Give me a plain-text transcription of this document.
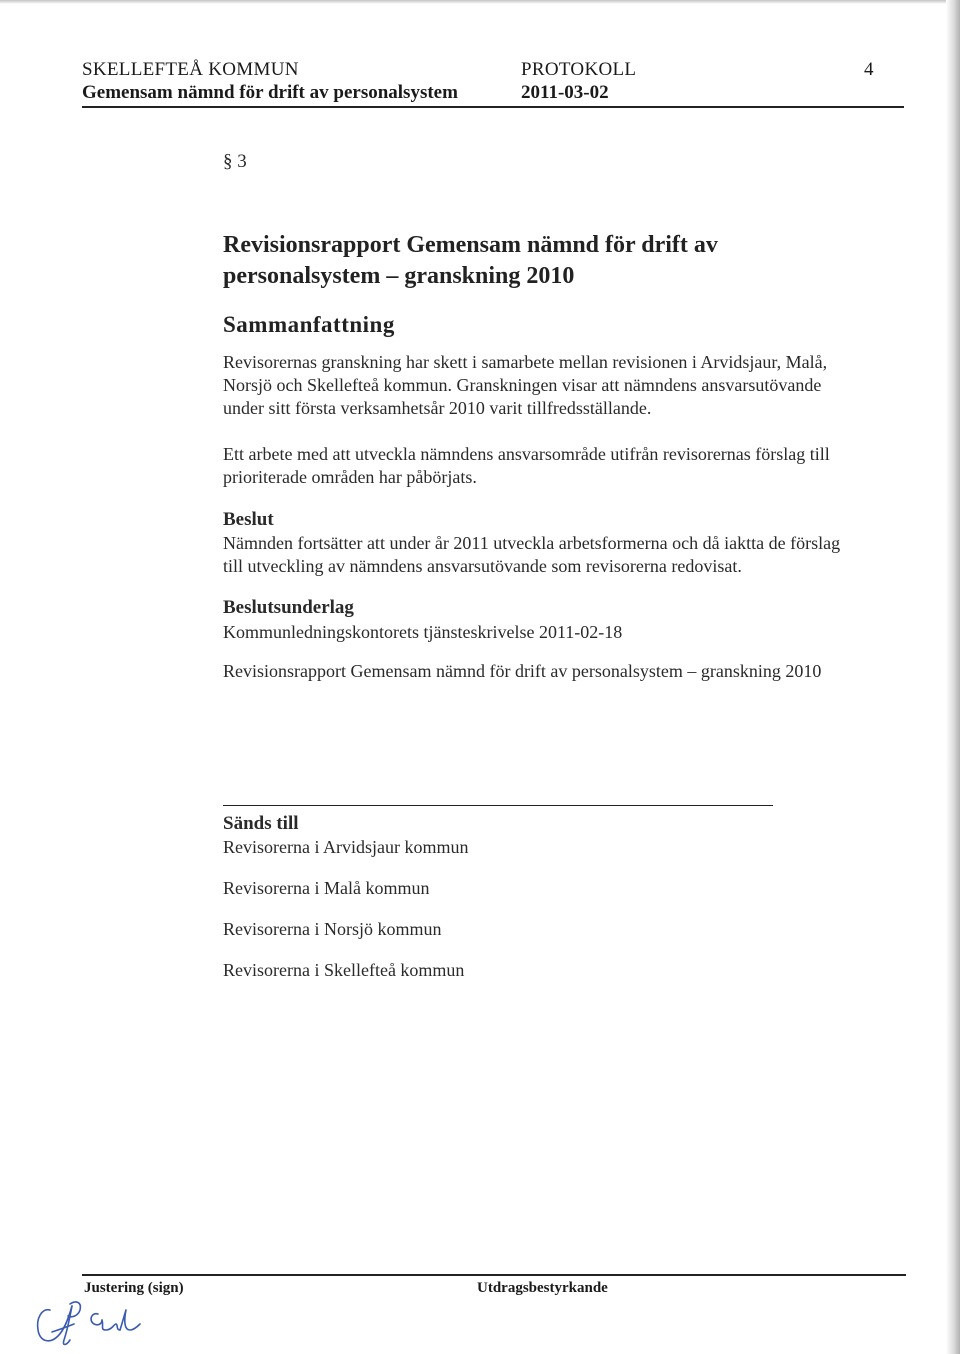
SKELLEFTEÅ KOMMUN	PROTOKOLL	4
Gemensam nämnd för drift av personalsystem	2011-03-02
§ 3
Revisionsrapport Gemensam nämnd för drift av
personalsystem – granskning 2010
Sammanfattning
Revisorernas granskning har skett i samarbete mellan revisionen i Arvidsjaur, Malå,
Norsjö och Skellefteå kommun. Granskningen visar att nämndens ansvarsutövande
under sitt första verksamhetsår 2010 varit tillfredsställande.
Ett arbete med att utveckla nämndens ansvarsområde utifrån revisorernas förslag till
prioriterade områden har påbörjats.
Beslut
Nämnden fortsätter att under år 2011 utveckla arbetsformerna och då iaktta de förslag
till utveckling av nämndens ansvarsutövande som revisorerna redovisat.
Beslutsunderlag
Kommunledningskontorets tjänsteskrivelse 2011-02-18
Revisionsrapport Gemensam nämnd för drift av personalsystem – granskning 2010
Sänds till
Revisorerna i Arvidsjaur kommun
Revisorerna i Malå kommun
Revisorerna i Norsjö kommun
Revisorerna i Skellefteå kommun
Justering (sign)	Utdragsbestyrkande
